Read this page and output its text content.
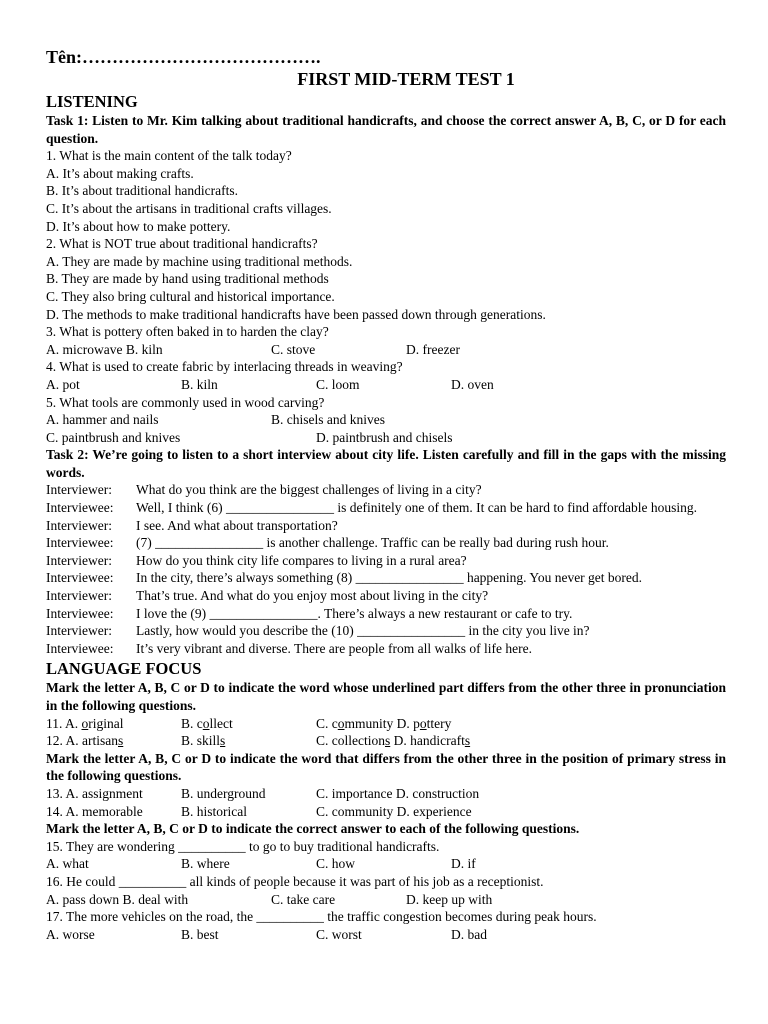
Tên:………………………………….
FIRST MID-TERM TEST 1
LISTENING
Task 1: Listen to Mr. Kim talking about traditional handicrafts, and choose the correct answer A, B, C, or D for each question.
1. What is the main content of the talk today?
A. It’s about making crafts.
B. It’s about traditional handicrafts.
C. It’s about the artisans in traditional crafts villages.
D. It’s about how to make pottery.
2. What is NOT true about traditional handicrafts?
A. They are made by machine using traditional methods.
B. They are made by hand using traditional methods
C. They also bring cultural and historical importance.
D. The methods to make traditional handicrafts have been passed down through generations.
3. What is pottery often baked in to harden the clay?
A. microwave B. kiln	C. stove	D. freezer
4. What is used to create fabric by interlacing threads in weaving?
A. pot	B. kiln	C. loom	D. oven
5. What tools are commonly used in wood carving?
A. hammer and nails	B. chisels and knives
C. paintbrush and knives	D. paintbrush and chisels
Task 2: We’re going to listen to a short interview about city life. Listen carefully and fill in the gaps with the missing words.
Interviewer:	What do you think are the biggest challenges of living in a city?
Interviewee:	Well, I think (6) ________________ is definitely one of them. It can be hard to find affordable housing.
Interviewer:	I see. And what about transportation?
Interviewee:	(7) ________________ is another challenge. Traffic can be really bad during rush hour.
Interviewer:	How do you think city life compares to living in a rural area?
Interviewee:	In the city, there’s always something (8) ________________ happening. You never get bored.
Interviewer:	That’s true. And what do you enjoy most about living in the city?
Interviewee:	I love the (9) ________________. There’s always a new restaurant or cafe to try.
Interviewer:	Lastly, how would you describe the (10) ________________ in the city you live in?
Interviewee:	It’s very vibrant and diverse. There are people from all walks of life here.
LANGUAGE FOCUS
Mark the letter A, B, C or D to indicate the word whose underlined part differs from the other three in pronunciation in the following questions.
11. A. original	B. collect	C. community D. pottery
12. A. artisans	B. skills	C. collections D. handicrafts
Mark the letter A, B, C or D to indicate the word that differs from the other three in the position of primary stress in the following questions.
13. A. assignment	B. underground	C. importance D. construction
14. A. memorable	B. historical	C. community D. experience
Mark the letter A, B, C or D to indicate the correct answer to each of the following questions.
15. They are wondering __________ to go to buy traditional handicrafts.
A. what	B. where	C. how	D. if
16. He could __________ all kinds of people because it was part of his job as a receptionist.
A. pass down B. deal with	C. take care	D. keep up with
17. The more vehicles on the road, the __________ the traffic congestion becomes during peak hours.
A. worse	B. best	C. worst	D. bad
